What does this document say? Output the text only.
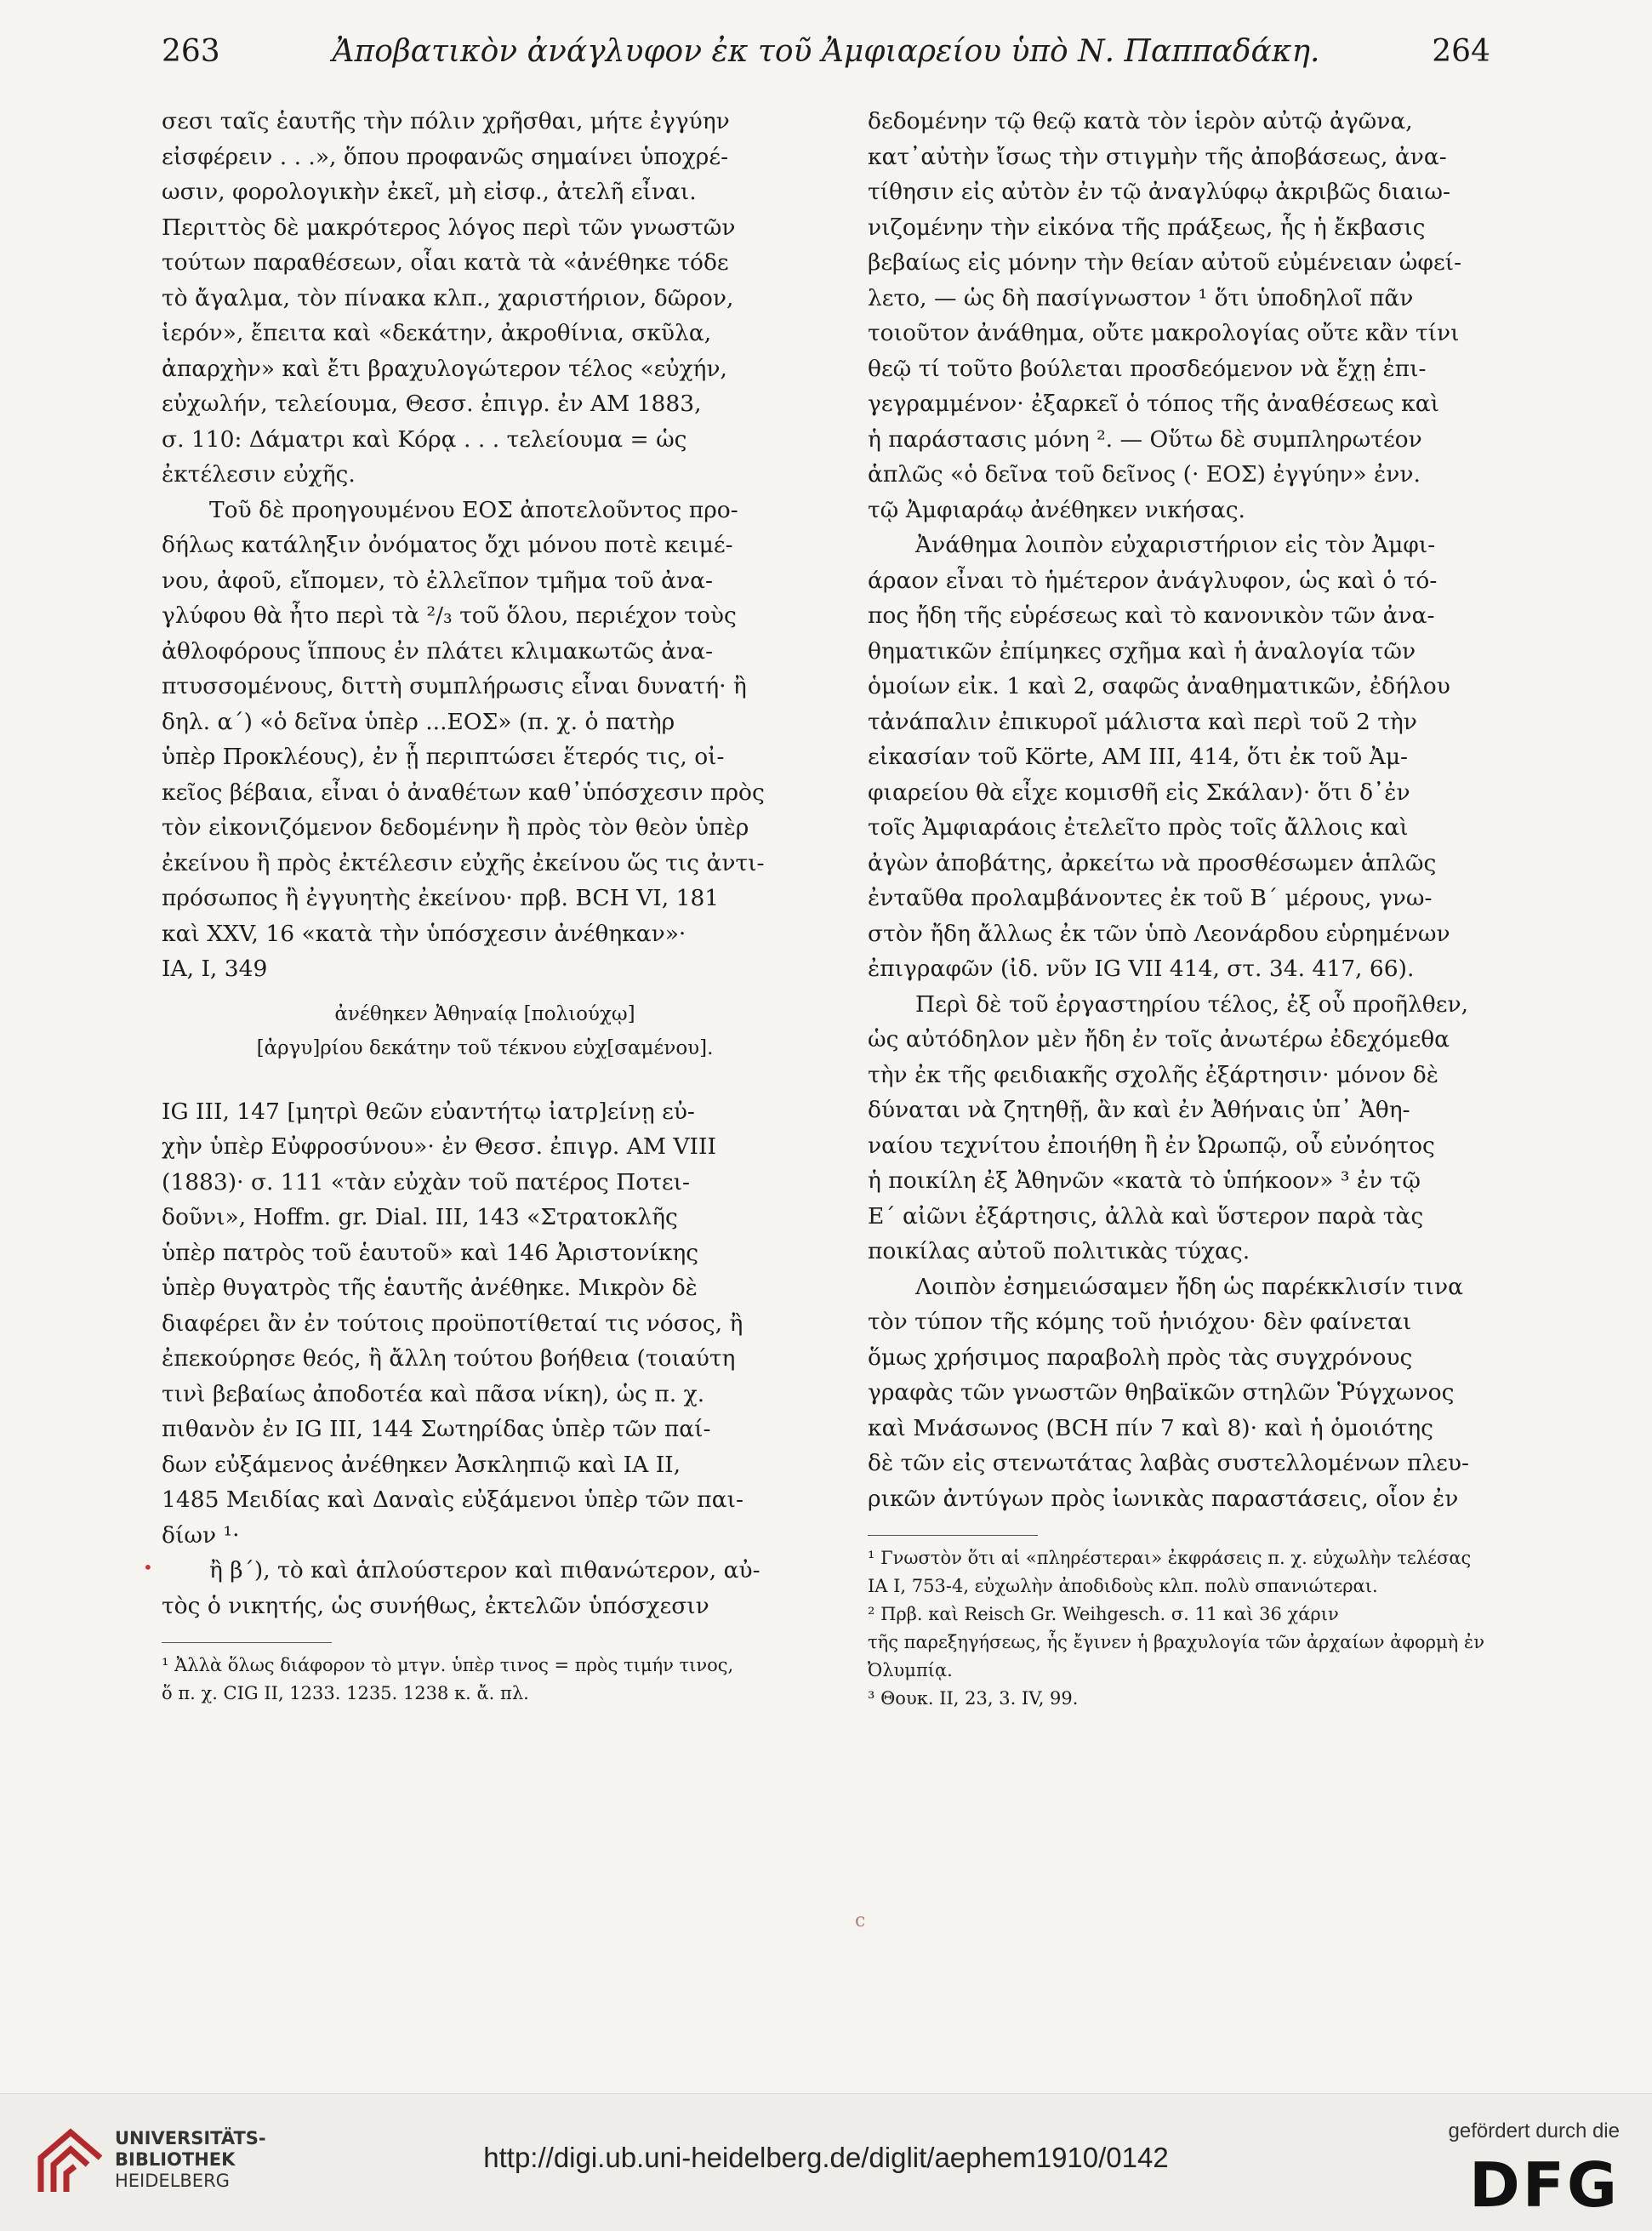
263	Ἀποβατικὸν ἀνάγλυφον ἐκ τοῦ Ἀμφιαρείου ὑπὸ Ν. Παππαδάκη.	264
σεσι ταῖς ἑαυτῆς τὴν πόλιν χρῆσθαι, μήτε ἐγγύην
εἰσφέρειν . . .», ὅπου προφανῶς σημαίνει ὑποχρέ-
ωσιν, φορολογικὴν ἐκεῖ, μὴ εἰσφ., ἀτελῆ εἶναι.
Περιττὸς δὲ μακρότερος λόγος περὶ τῶν γνωστῶν
τούτων παραθέσεων, οἷαι κατὰ τὰ «ἀνέθηκε τόδε
τὸ ἄγαλμα, τὸν πίνακα κλπ., χαριστήριον, δῶρον,
ἱερόν», ἔπειτα καὶ «δεκάτην, ἀκροθίνια, σκῦλα,
ἀπαρχὴν» καὶ ἔτι βραχυλογώτερον τέλος «εὐχήν,
εὐχωλήν, τελείουμα, Θεσσ. ἐπιγρ. ἐν AM 1883,
σ. 110: Δάματρι καὶ Κόρᾳ . . . τελείουμα = ὡς
ἐκτέλεσιν εὐχῆς.
Τοῦ δὲ προηγουμένου ΕΟΣ ἀποτελοῦντος προ-
δήλως κατάληξιν ὀνόματος ὄχι μόνου ποτὲ κειμέ-
νου, ἀφοῦ, εἴπομεν, τὸ ἐλλεῖπον τμῆμα τοῦ ἀνα-
γλύφου θὰ ἦτο περὶ τὰ ²/₃ τοῦ ὅλου, περιέχον τοὺς
ἀθλοφόρους ἵππους ἐν πλάτει κλιμακωτῶς ἀνα-
πτυσσομένους, διττὴ συμπλήρωσις εἶναι δυνατή· ἢ
δηλ. α´) «ὁ δεῖνα ὑπὲρ ...ΕΟΣ» (π. χ. ὁ πατὴρ
ὑπὲρ Προκλέους), ἐν ᾗ περιπτώσει ἕτερός τις, οἰ-
κεῖος βέβαια, εἶναι ὁ ἀναθέτων καθ᾽ὑπόσχεσιν πρὸς
τὸν εἰκονιζόμενον δεδομένην ἢ πρὸς τὸν θεὸν ὑπὲρ
ἐκείνου ἢ πρὸς ἐκτέλεσιν εὐχῆς ἐκείνου ὥς τις ἀντι-
πρόσωπος ἢ ἐγγυητὴς ἐκείνου· πρβ. BCH VI, 181
καὶ XXV, 16 «κατὰ τὴν ὑπόσχεσιν ἀνέθηκαν»·
IA, I, 349
ἀνέθηκεν Ἀθηναίᾳ [πολιούχῳ]
[ἀργυ]ρίου δεκάτην τοῦ τέκνου εὐχ[σαμένου].
IG III, 147 [μητρὶ θεῶν εὐαντήτῳ ἰατρ]είνῃ εὐ-
χὴν ὑπὲρ Εὐφροσύνου»· ἐν Θεσσ. ἐπιγρ. AM VIII
(1883)· σ. 111 «τὰν εὐχὰν τοῦ πατέρος Ποτει-
δοῦνι», Hoffm. gr. Dial. III, 143 «Στρατοκλῆς
ὑπὲρ πατρὸς τοῦ ἑαυτοῦ» καὶ 146 Ἀριστονίκης
ὑπὲρ θυγατρὸς τῆς ἑαυτῆς ἀνέθηκε. Μικρὸν δὲ
διαφέρει ἂν ἐν τούτοις προϋποτίθεταί τις νόσος, ἢ
ἐπεκούρησε θεός, ἢ ἄλλη τούτου βοήθεια (τοιαύτη
τινὶ βεβαίως ἀποδοτέα καὶ πᾶσα νίκη), ὡς π. χ.
πιθανὸν ἐν IG III, 144 Σωτηρίδας ὑπὲρ τῶν παί-
δων εὐξάμενος ἀνέθηκεν Ἀσκληπιῷ καὶ IA II,
1485 Μειδίας καὶ Δαναὶς εὐξάμενοι ὑπὲρ τῶν παι-
δίων ¹·
ἢ β´), τὸ καὶ ἁπλούστερον καὶ πιθανώτερον, αὐ-
τὸς ὁ νικητής, ὡς συνήθως, ἐκτελῶν ὑπόσχεσιν
¹ Ἀλλὰ ὅλως διάφορον τὸ μτγν. ὑπὲρ τινος = πρὸς τιμήν τινος,
ὅ π. χ. CIG II, 1233. 1235. 1238 κ. ἄ. πλ.
δεδομένην τῷ θεῷ κατὰ τὸν ἱερὸν αὐτῷ ἀγῶνα,
κατ᾽αὐτὴν ἴσως τὴν στιγμὴν τῆς ἀποβάσεως, ἀνα-
τίθησιν εἰς αὐτὸν ἐν τῷ ἀναγλύφῳ ἀκριβῶς διαιω-
νιζομένην τὴν εἰκόνα τῆς πράξεως, ἧς ἡ ἔκβασις
βεβαίως εἰς μόνην τὴν θείαν αὐτοῦ εὐμένειαν ὠφεί-
λετο, — ὡς δὴ πασίγνωστον ¹ ὅτι ὑποδηλοῖ πᾶν
τοιοῦτον ἀνάθημα, οὔτε μακρολογίας οὔτε κἂν τίνι
θεῷ τί τοῦτο βούλεται προσδεόμενον νὰ ἔχῃ ἐπι-
γεγραμμένον· ἐξαρκεῖ ὁ τόπος τῆς ἀναθέσεως καὶ
ἡ παράστασις μόνη ². — Οὕτω δὲ συμπληρωτέον
ἁπλῶς «ὁ δεῖνα τοῦ δεῖνος (· ΕΟΣ) ἐγγύην» ἐνν.
τῷ Ἀμφιαράῳ ἀνέθηκεν νικήσας.
Ἀνάθημα λοιπὸν εὐχαριστήριον εἰς τὸν Ἀμφι-
άραον εἶναι τὸ ἡμέτερον ἀνάγλυφον, ὡς καὶ ὁ τό-
πος ἤδη τῆς εὑρέσεως καὶ τὸ κανονικὸν τῶν ἀνα-
θηματικῶν ἐπίμηκες σχῆμα καὶ ἡ ἀναλογία τῶν
ὁμοίων εἰκ. 1 καὶ 2, σαφῶς ἀναθηματικῶν, ἐδήλου
τἀνάπαλιν ἐπικυροῖ μάλιστα καὶ περὶ τοῦ 2 τὴν
εἰκασίαν τοῦ Körte, AM III, 414, ὅτι ἐκ τοῦ Ἀμ-
φιαρείου θὰ εἶχε κομισθῆ εἰς Σκάλαν)· ὅτι δ᾽ἐν
τοῖς Ἀμφιαράοις ἐτελεῖτο πρὸς τοῖς ἄλλοις καὶ
ἀγὼν ἀποβάτης, ἀρκείτω νὰ προσθέσωμεν ἁπλῶς
ἐνταῦθα προλαμβάνοντες ἐκ τοῦ Β´ μέρους, γνω-
στὸν ἤδη ἄλλως ἐκ τῶν ὑπὸ Λεονάρδου εὑρημένων
ἐπιγραφῶν (ἰδ. νῦν IG VII 414, στ. 34. 417, 66).
Περὶ δὲ τοῦ ἐργαστηρίου τέλος, ἐξ οὗ προῆλθεν,
ὡς αὐτόδηλον μὲν ἤδη ἐν τοῖς ἀνωτέρω ἐδεχόμεθα
τὴν ἐκ τῆς φειδιακῆς σχολῆς ἐξάρτησιν· μόνον δὲ
δύναται νὰ ζητηθῇ, ἂν καὶ ἐν Ἀθήναις ὑπ᾽ Ἀθη-
ναίου τεχνίτου ἐποιήθη ἢ ἐν Ὠρωπῷ, οὗ εὐνόητος
ἡ ποικίλη ἐξ Ἀθηνῶν «κατὰ τὸ ὑπήκοον» ³ ἐν τῷ
Ε´ αἰῶνι ἐξάρτησις, ἀλλὰ καὶ ὕστερον παρὰ τὰς
ποικίλας αὐτοῦ πολιτικὰς τύχας.
Λοιπὸν ἐσημειώσαμεν ἤδη ὡς παρέκκλισίν τινα
τὸν τύπον τῆς κόμης τοῦ ἡνιόχου· δὲν φαίνεται
ὅμως χρήσιμος παραβολὴ πρὸς τὰς συγχρόνους
γραφὰς τῶν γνωστῶν θηβαϊκῶν στηλῶν Ῥύγχωνος
καὶ Μνάσωνος (BCH πίν 7 καὶ 8)· καὶ ἡ ὁμοιότης
δὲ τῶν εἰς στενωτάτας λαβὰς συστελλομένων πλευ-
ρικῶν ἀντύγων πρὸς ἰωνικὰς παραστάσεις, οἷον ἐν
¹ Γνωστὸν ὅτι αἱ «πληρέστεραι» ἐκφράσεις π. χ. εὐχωλὴν τελέσας
IA I, 753-4, εὐχωλὴν ἀποδιδοὺς κλπ. πολὺ σπανιώτεραι.
² Πρβ. καὶ Reisch Gr. Weihgesch. σ. 11 καὶ 36 χάριν
τῆς παρεξηγήσεως, ἧς ἔγινεν ἡ βραχυλογία τῶν ἀρχαίων ἀφορμὴ ἐν
Ὀλυμπίᾳ.
³ Θουκ. II, 23, 3. IV, 99.
•
c
UNIVERSITÄTS-
BIBLIOTHEK
HEIDELBERG
http://digi.ub.uni-heidelberg.de/diglit/aephem1910/0142
gefördert durch die
DFG
